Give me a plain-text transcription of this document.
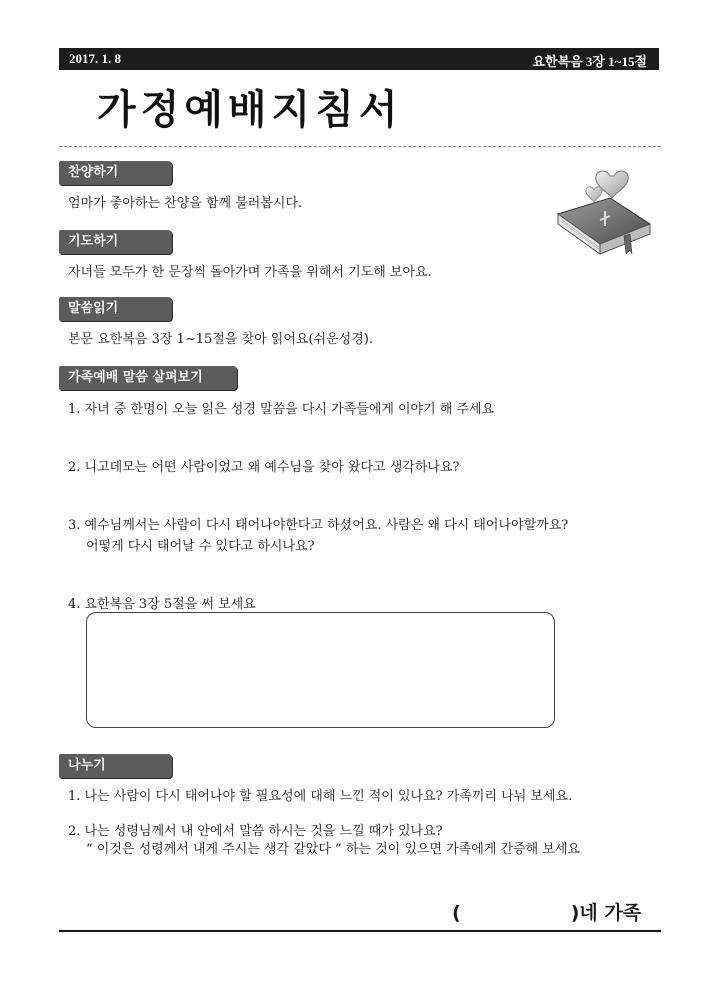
2017. 1. 8	요한복음 3장 1~15절
가정예배지침서
찬양하기
엄마가 좋아하는 찬양을 함께 불러봅시다.
기도하기
자녀들 모두가 한 문장씩 돌아가며 가족을 위해서 기도해 보아요.
말씀읽기
본문 요한복음 3장 1~15절을 찾아 읽어요(쉬운성경).
가족예배 말씀 살펴보기
1. 자녀 중 한명이 오늘 읽은 성경 말씀을 다시 가족들에게 이야기 해 주세요
2. 니고데모는 어떤 사람이었고 왜 예수님을 찾아 왔다고 생각하나요?
3. 예수님께서는 사람이 다시 태어나야한다고 하셨어요. 사람은 왜 다시 태어나야할까요?
어떻게 다시 태어날 수 있다고 하시나요?
4. 요한복음 3장 5절을 써 보세요
나누기
1. 나는 사람이 다시 태어나야 할 필요성에 대해 느낀 적이 있나요? 가족끼리 나눠 보세요.
2. 나는 성령님께서 내 안에서 말씀 하시는 것을 느낄 때가 있나요?
“ 이것은 성령께서 내게 주시는 생각 같았다 ” 하는 것이 있으면 가족에게 간증해 보세요
(	)네 가족
